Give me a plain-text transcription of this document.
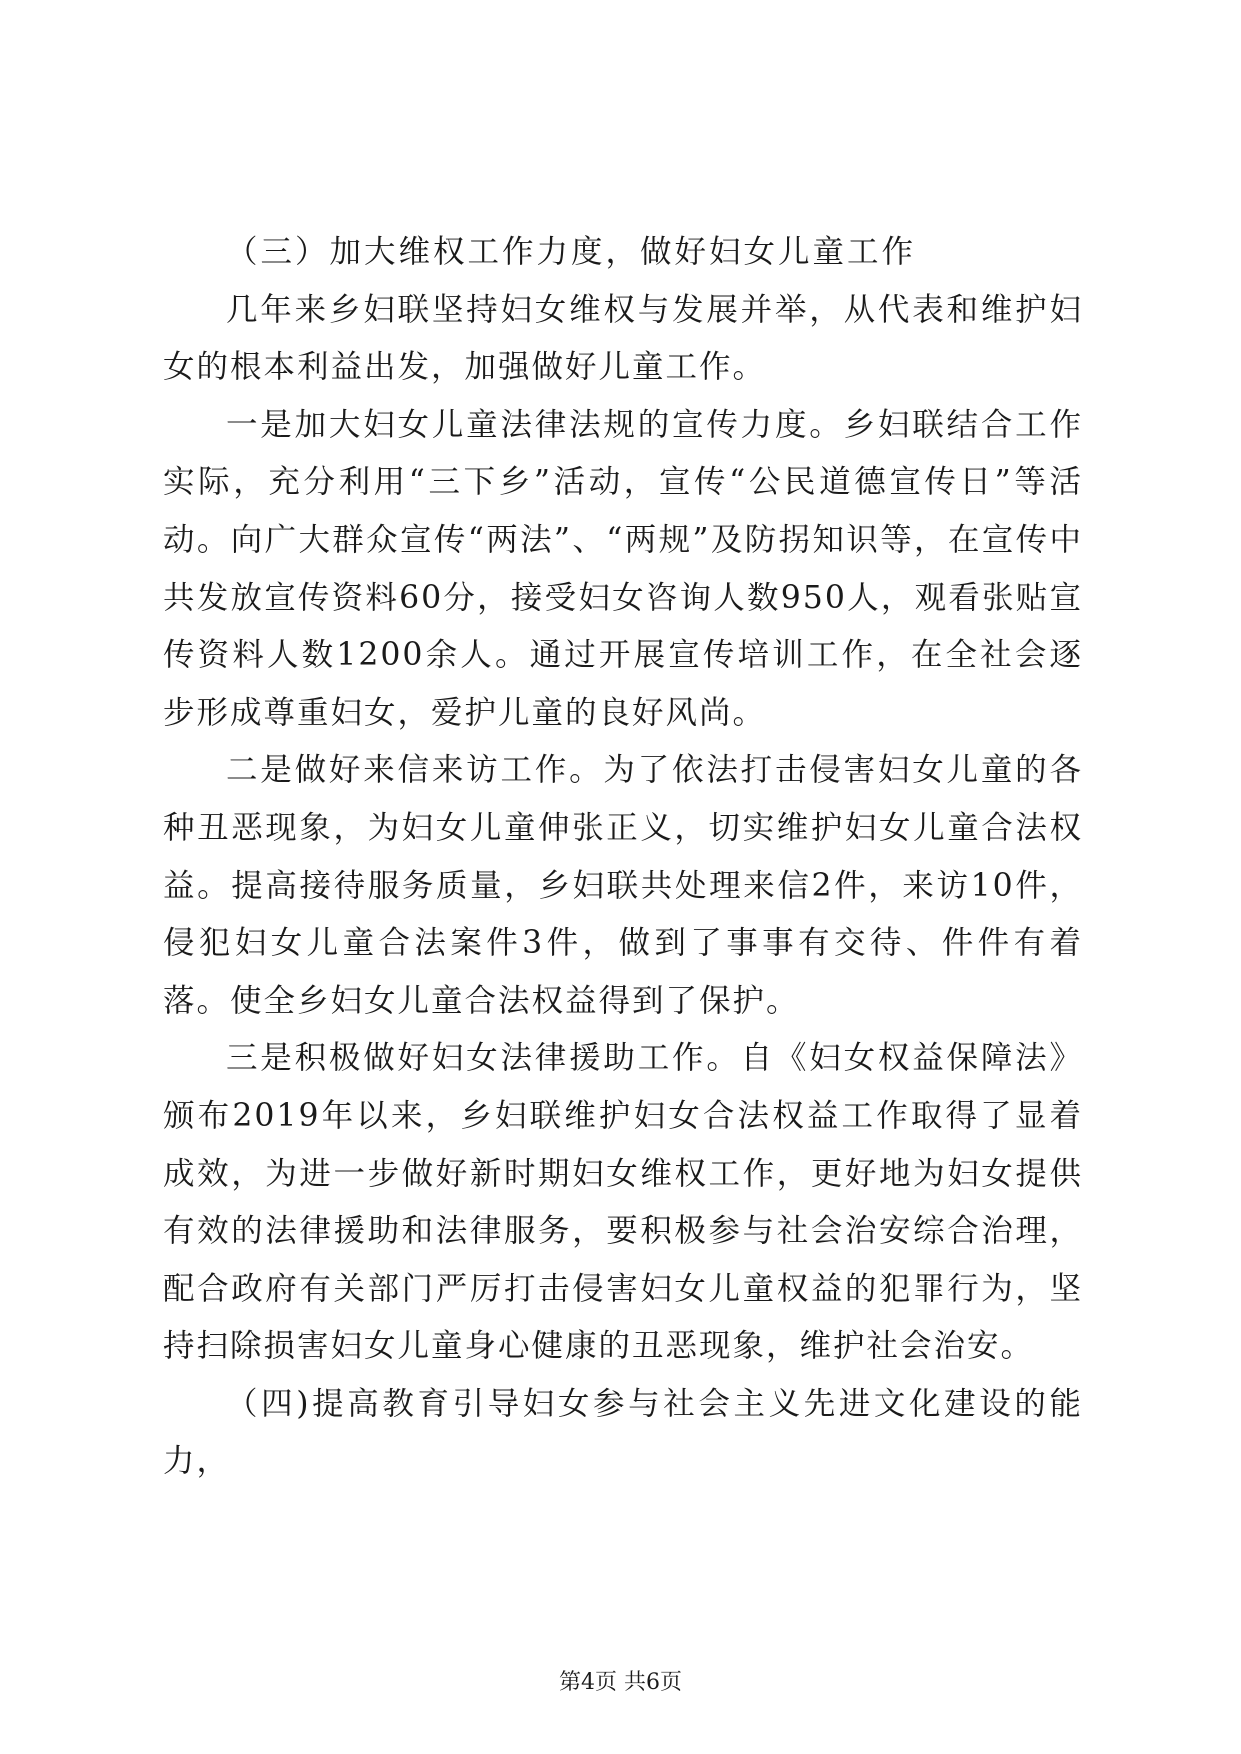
（三）加大维权工作力度，做好妇女儿童工作

几年来乡妇联坚持妇女维权与发展并举，从代表和维护妇女的根本利益出发，加强做好儿童工作。

一是加大妇女儿童法律法规的宣传力度。乡妇联结合工作实际，充分利用“三下乡”活动，宣传“公民道德宣传日”等活动。向广大群众宣传“两法”、“两规”及防拐知识等，在宣传中共发放宣传资料60分，接受妇女咨询人数950人，观看张贴宣传资料人数1200余人。通过开展宣传培训工作，在全社会逐步形成尊重妇女，爱护儿童的良好风尚。

二是做好来信来访工作。为了依法打击侵害妇女儿童的各种丑恶现象，为妇女儿童伸张正义，切实维护妇女儿童合法权益。提高接待服务质量，乡妇联共处理来信2件，来访10件，侵犯妇女儿童合法案件3件，做到了事事有交待、件件有着落。使全乡妇女儿童合法权益得到了保护。

三是积极做好妇女法律援助工作。自《妇女权益保障法》颁布2019年以来，乡妇联维护妇女合法权益工作取得了显着成效，为进一步做好新时期妇女维权工作，更好地为妇女提供有效的法律援助和法律服务，要积极参与社会治安综合治理，配合政府有关部门严厉打击侵害妇女儿童权益的犯罪行为，坚持扫除损害妇女儿童身心健康的丑恶现象，维护社会治安。

（四)提高教育引导妇女参与社会主义先进文化建设的能力，

第4页 共6页
